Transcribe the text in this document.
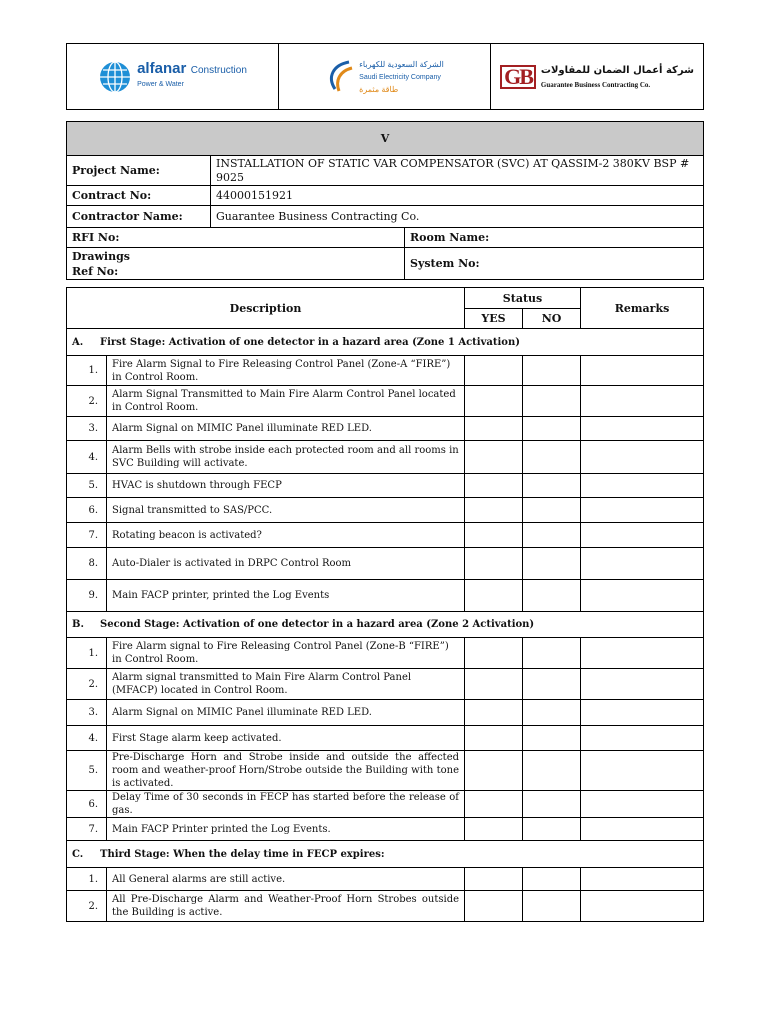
alfanar Construction
Power & Water

الشركة السعودية للكهرباء
Saudi Electricity Company
طاقة مثمرة

GB شركة أعمال الضمان للمقاولات
Guarantee Business Contracting Co.
V		
Project Name:	INSTALLATION OF STATIC VAR COMPENSATOR (SVC) AT QASSIM-2 380KV BSP # 9025	
Contract No:	44000151921	
Contractor Name:	Guarantee Business Contracting Co.	
RFI No:		Room Name:
Drawings
Ref No:		System No:
Description		Status		Remarks
		YES	NO	
A. First Stage: Activation of one detector in a hazard area (Zone 1 Activation)				
1.	Fire Alarm Signal to Fire Releasing Control Panel (Zone-A “FIRE”) in Control Room.			
2.	Alarm Signal Transmitted to Main Fire Alarm Control Panel located in Control Room.			
3.	Alarm Signal on MIMIC Panel illuminate RED LED.			
4.	Alarm Bells with strobe inside each protected room and all rooms in SVC Building will activate.			
5.	HVAC is shutdown through FECP			
6.	Signal transmitted to SAS/PCC.			
7.	Rotating beacon is activated?			
8.	Auto-Dialer is activated in DRPC Control Room			
9.	Main FACP printer, printed the Log Events			
B. Second Stage: Activation of one detector in a hazard area (Zone 2 Activation)				
1.	Fire Alarm signal to Fire Releasing Control Panel (Zone-B “FIRE”) in Control Room.			
2.	Alarm signal transmitted to Main Fire Alarm Control Panel (MFACP) located in Control Room.			
3.	Alarm Signal on MIMIC Panel illuminate RED LED.			
4.	First Stage alarm keep activated.			
5.	Pre-Discharge Horn and Strobe inside and outside the affected room and weather-proof Horn/Strobe outside the Building with tone is activated.			
6.	Delay Time of 30 seconds in FECP has started before the release of gas.			
7.	Main FACP Printer printed the Log Events.			
C. Third Stage: When the delay time in FECP expires:				
1.	All General alarms are still active.			
2.	All Pre-Discharge Alarm and Weather-Proof Horn Strobes outside the Building is active.			
